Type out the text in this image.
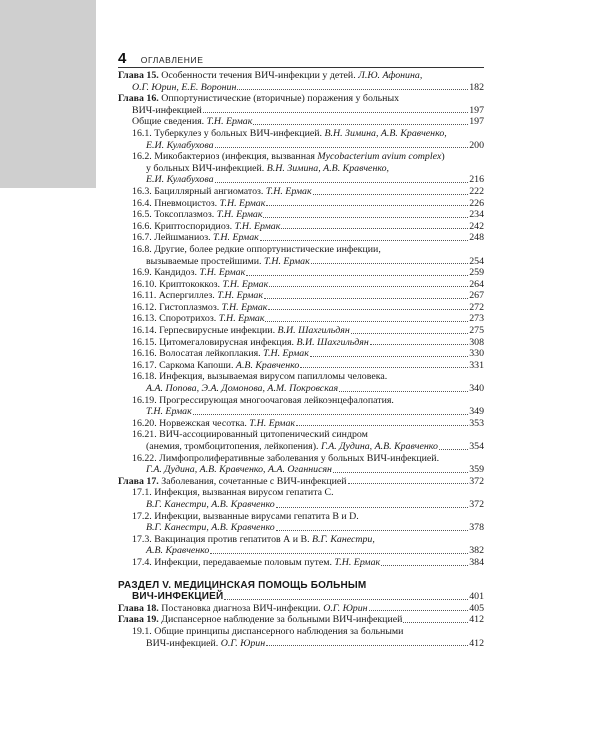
4 ОГЛАВЛЕНИЕ
Глава 15. Особенности течения ВИЧ-инфекции у детей. Л.Ю. Афонина,
О.Г. Юрин, Е.Е. Воронин	182
Глава 16. Оппортунистические (вторичные) поражения у больных
ВИЧ-инфекцией	197
Общие сведения. Т.Н. Ермак	197
16.1. Туберкулез у больных ВИЧ-инфекцией. В.Н. Зимина, А.В. Кравченко,
Е.И. Кулабухова	200
16.2. Микобактериоз (инфекция, вызванная Mycobacterium avium complex)
у больных ВИЧ-инфекцией. В.Н. Зимина, А.В. Кравченко,
Е.И. Кулабухова	216
16.3. Бациллярный ангиоматоз. Т.Н. Ермак	222
16.4. Пневмоцистоз. Т.Н. Ермак	226
16.5. Токсоплазмоз. Т.Н. Ермак	234
16.6. Криптоспоридиоз. Т.Н. Ермак	242
16.7. Лейшманиоз. Т.Н. Ермак	248
16.8. Другие, более редкие оппортунистические инфекции,
вызываемые простейшими. Т.Н. Ермак	254
16.9. Кандидоз. Т.Н. Ермак	259
16.10. Криптококкоз. Т.Н. Ермак	264
16.11. Аспергиллез. Т.Н. Ермак	267
16.12. Гистоплазмоз. Т.Н. Ермак	272
16.13. Споротрихоз. Т.Н. Ермак	273
16.14. Герпесвирусные инфекции. В.И. Шахгильдян	275
16.15. Цитомегаловирусная инфекция. В.И. Шахгильдян	308
16.16. Волосатая лейкоплакия. Т.Н. Ермак	330
16.17. Саркома Капоши. А.В. Кравченко	331
16.18. Инфекция, вызываемая вирусом папилломы человека.
А.А. Попова, Э.А. Домонова, А.М. Покровская	340
16.19. Прогрессирующая многоочаговая лейкоэнцефалопатия.
Т.Н. Ермак	349
16.20. Норвежская чесотка. Т.Н. Ермак	353
16.21. ВИЧ-ассоциированный цитопенический синдром
(анемия, тромбоцитопения, лейкопения). Г.А. Дудина, А.В. Кравченко	354
16.22. Лимфопролиферативные заболевания у больных ВИЧ-инфекцией.
Г.А. Дудина, А.В. Кравченко, А.А. Оганнисян	359
Глава 17. Заболевания, сочетанные с ВИЧ-инфекцией	372
17.1. Инфекция, вызванная вирусом гепатита С.
В.Г. Канестри, А.В. Кравченко	372
17.2. Инфекции, вызванные вирусами гепатита В и D.
В.Г. Канестри, А.В. Кравченко	378
17.3. Вакцинация против гепатитов А и В. В.Г. Канестри,
А.В. Кравченко	382
17.4. Инфекции, передаваемые половым путем. Т.Н. Ермак	384
РАЗДЕЛ V. МЕДИЦИНСКАЯ ПОМОЩЬ БОЛЬНЫМ
ВИЧ-ИНФЕКЦИЕЙ	401
Глава 18. Постановка диагноза ВИЧ-инфекции. О.Г. Юрин	405
Глава 19. Диспансерное наблюдение за больными ВИЧ-инфекцией	412
19.1. Общие принципы диспансерного наблюдения за больными
ВИЧ-инфекцией. О.Г. Юрин	412
